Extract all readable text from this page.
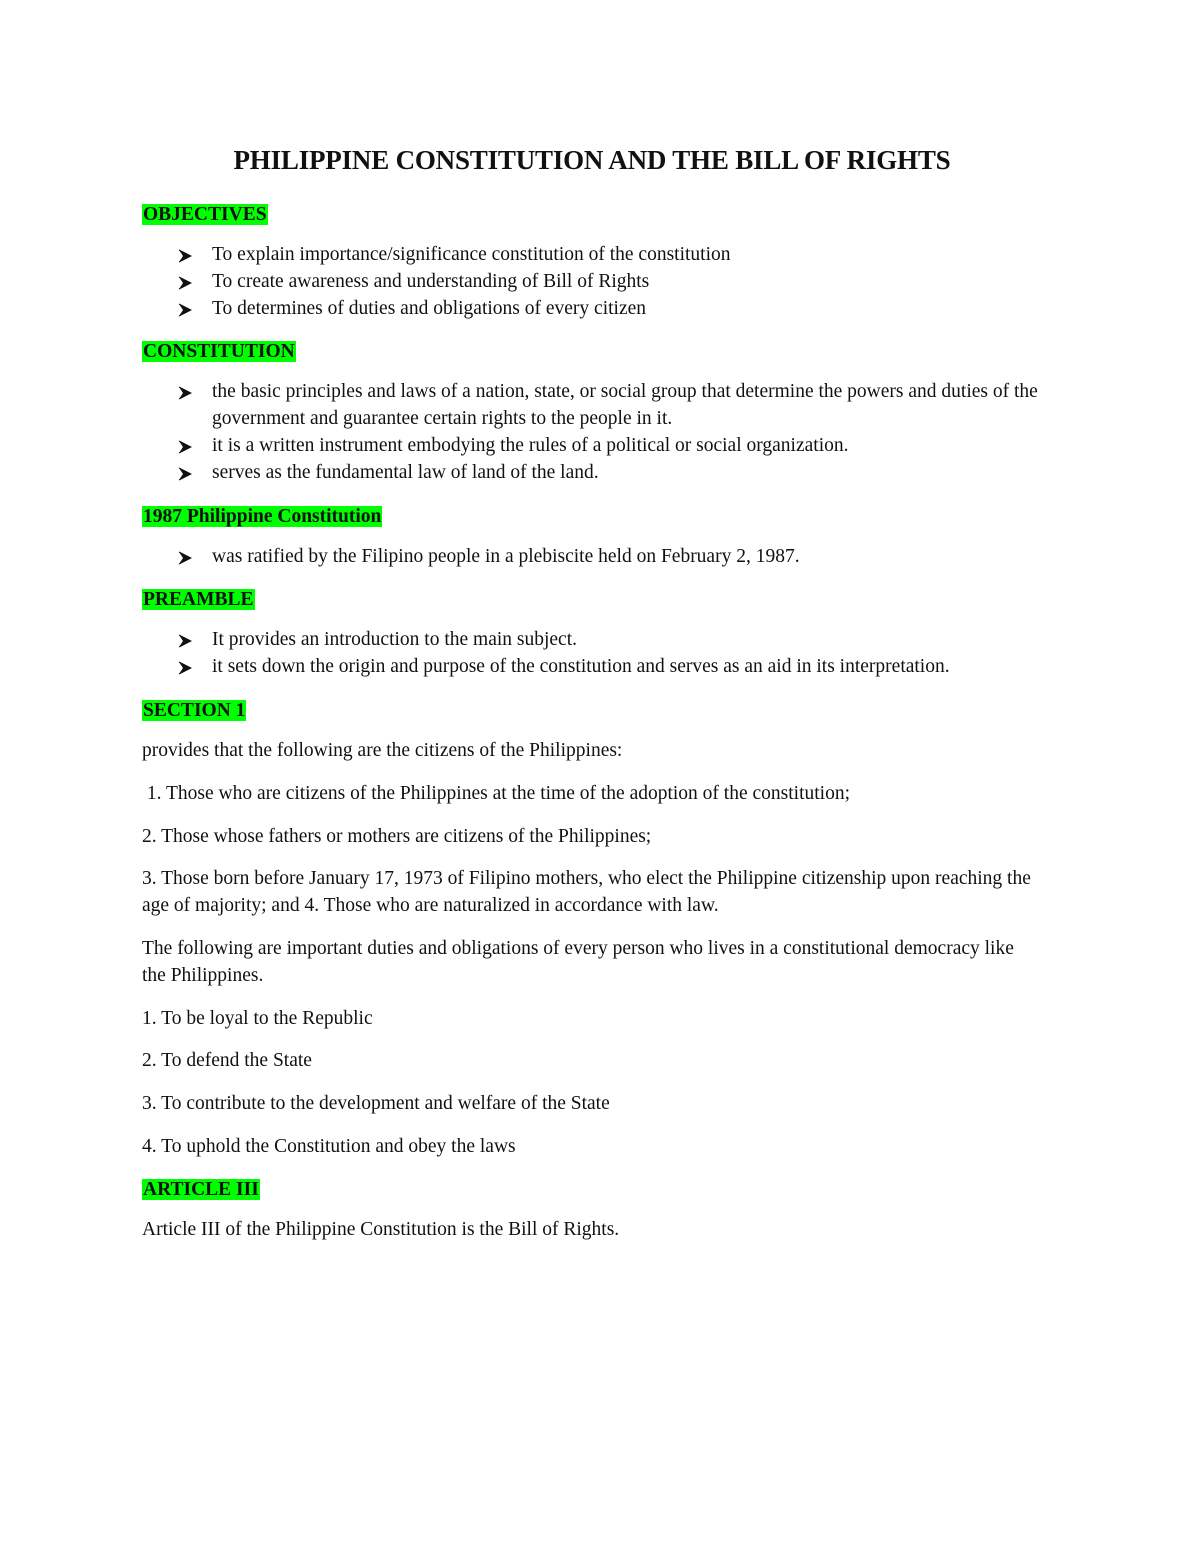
PHILIPPINE CONSTITUTION AND THE BILL OF RIGHTS
OBJECTIVES
To explain importance/significance constitution of the constitution
To create awareness and understanding of Bill of Rights
To determines of duties and obligations of every citizen
CONSTITUTION
the basic principles and laws of a nation, state, or social group that determine the powers and duties of the government and guarantee certain rights to the people in it.
it is a written instrument embodying the rules of a political or social organization.
serves as the fundamental law of land of the land.
1987 Philippine Constitution
was ratified by the Filipino people in a plebiscite held on February 2, 1987.
PREAMBLE
It provides an introduction to the main subject.
it sets down the origin and purpose of the constitution and serves as an aid in its interpretation.
SECTION 1

provides that the following are the citizens of the Philippines:

1. Those who are citizens of the Philippines at the time of the adoption of the constitution;

2. Those whose fathers or mothers are citizens of the Philippines;

3. Those born before January 17, 1973 of Filipino mothers, who elect the Philippine citizenship upon reaching the age of majority; and 4. Those who are naturalized in accordance with law.

The following are important duties and obligations of every person who lives in a constitutional democracy like the Philippines.

1. To be loyal to the Republic

2. To defend the State

3. To contribute to the development and welfare of the State

4. To uphold the Constitution and obey the laws

ARTICLE III

Article III of the Philippine Constitution is the Bill of Rights.
